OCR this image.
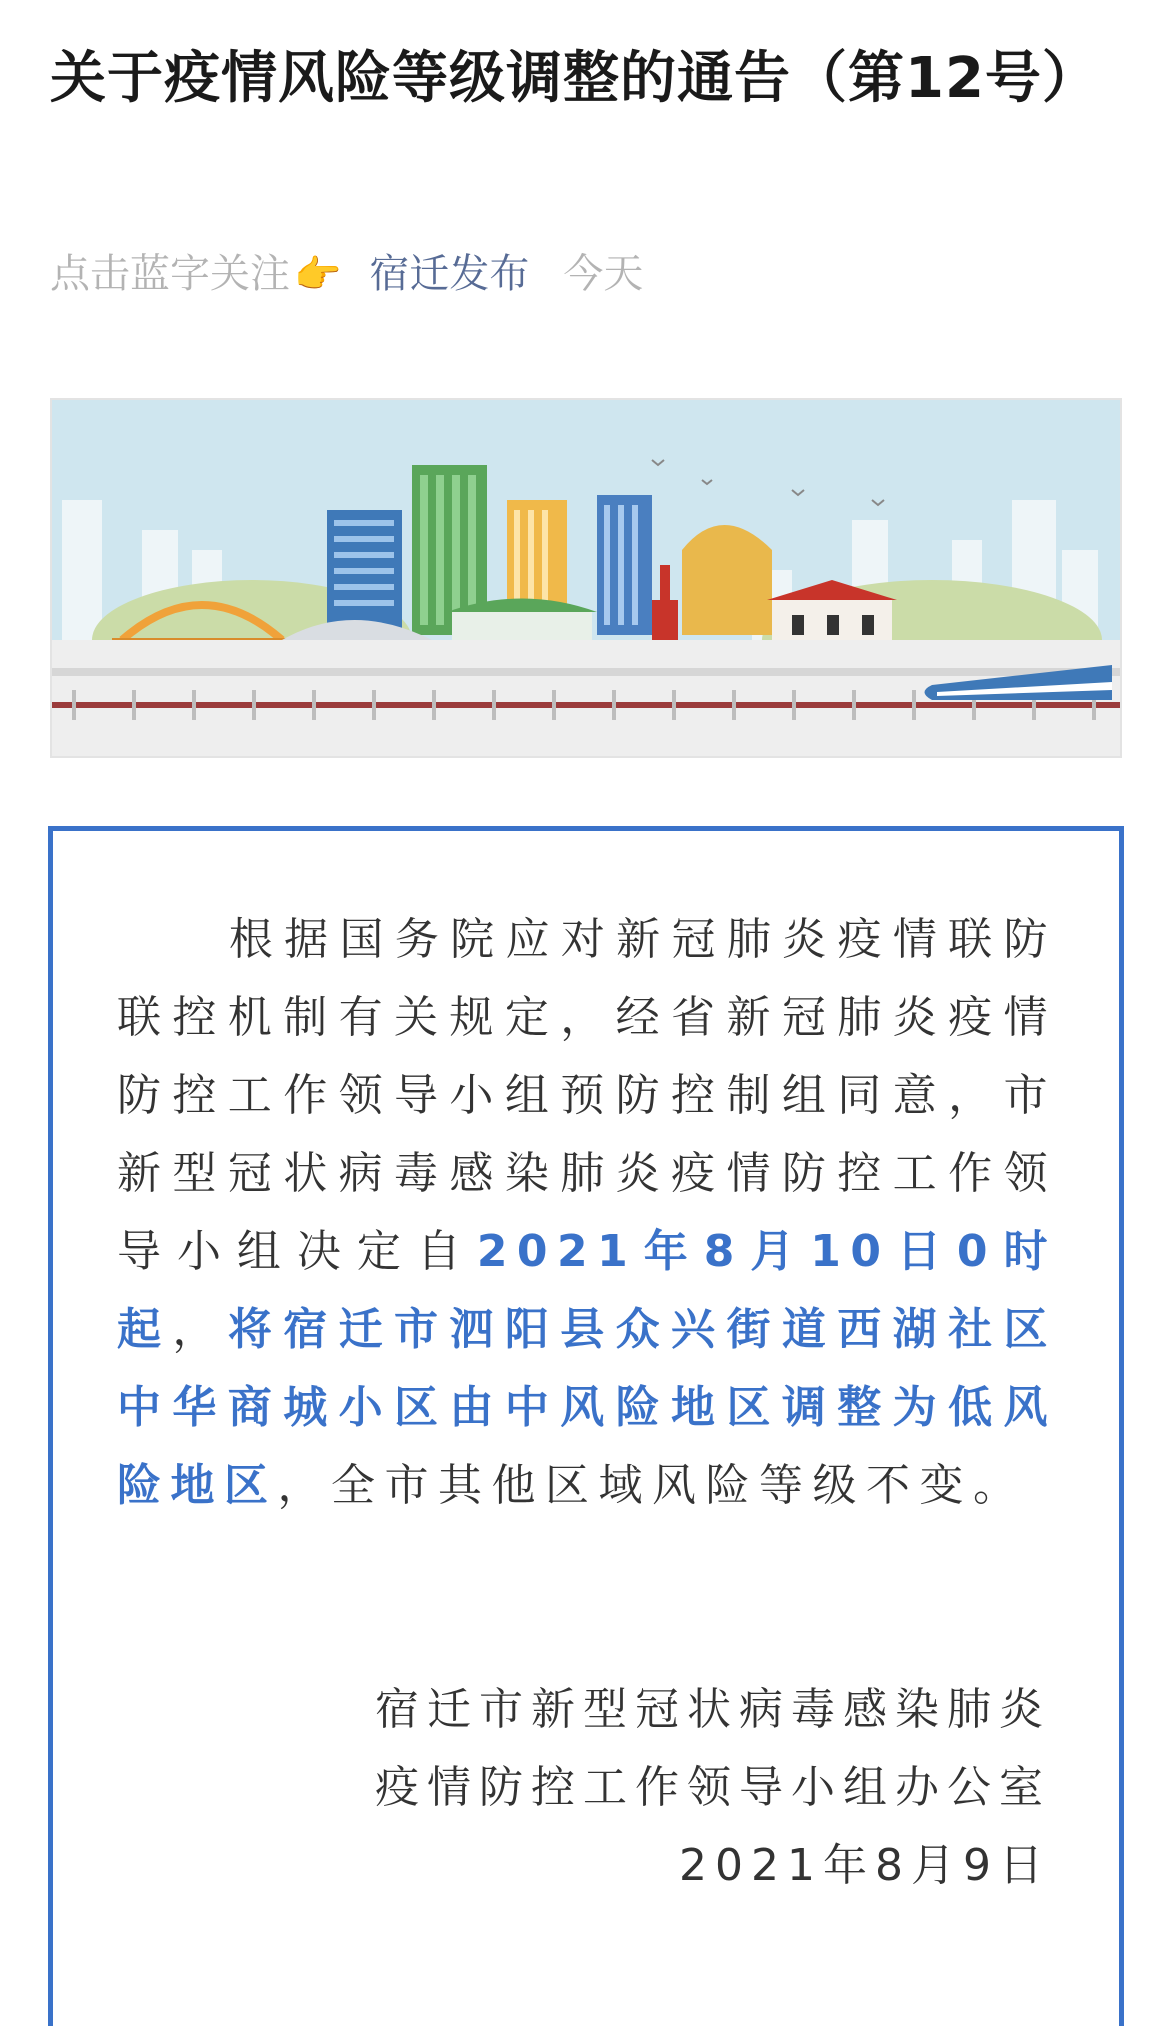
关于疫情风险等级调整的通告（第12号）
点击蓝字关注 👉 宿迁发布 今天
根据国务院应对新冠肺炎疫情联防联控机制有关规定，经省新冠肺炎疫情防控工作领导小组预防控制组同意，市新型冠状病毒感染肺炎疫情防控工作领导小组决定自2021年8月10日0时起，将宿迁市泗阳县众兴街道西湖社区中华商城小区由中风险地区调整为低风险地区，全市其他区域风险等级不变。
宿迁市新型冠状病毒感染肺炎
疫情防控工作领导小组办公室
2021年8月9日
